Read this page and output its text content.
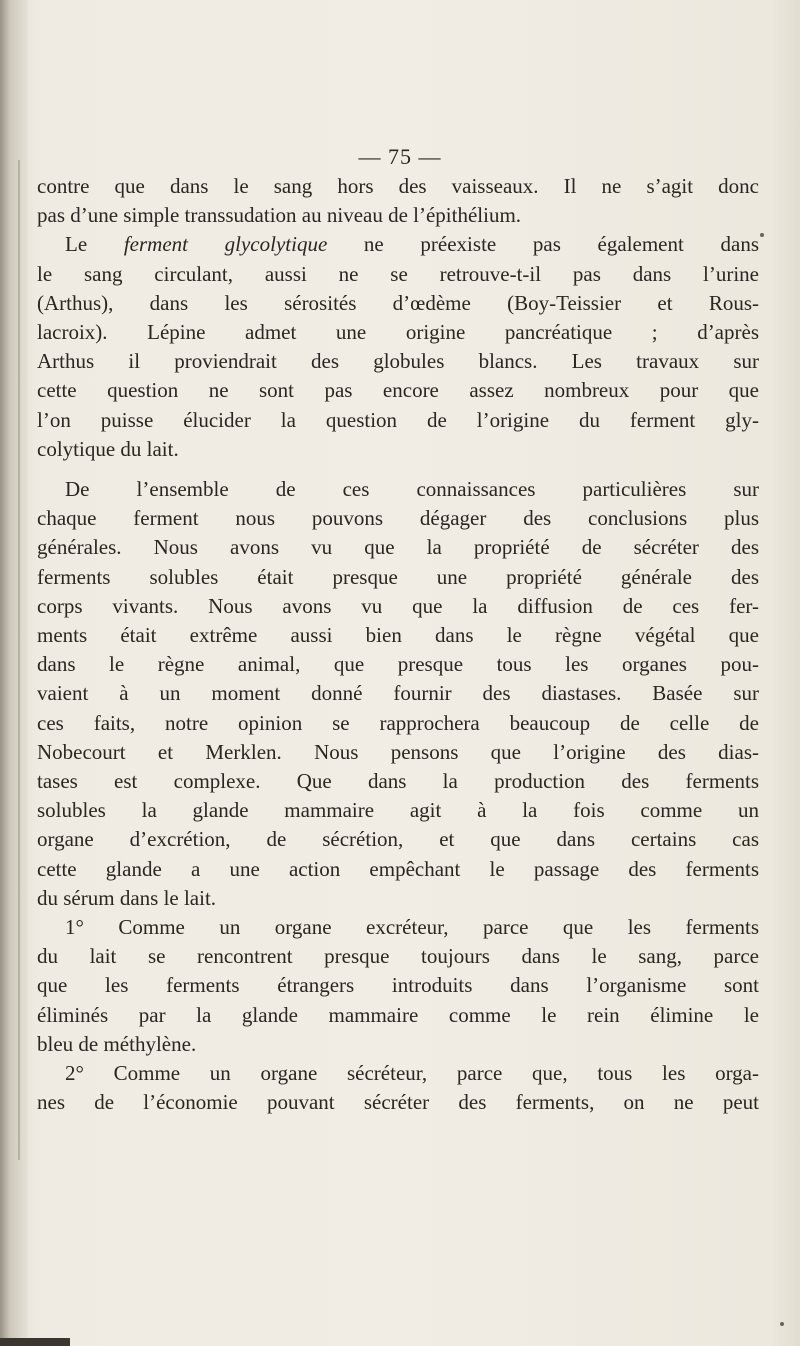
— 75 —

contre que dans le sang hors des vaisseaux. Il ne s’agit donc
pas d’une simple transsudation au niveau de l’épithélium.

Le ferment glycolytique ne préexiste pas également dans
le sang circulant, aussi ne se retrouve-t-il pas dans l’urine
(Arthus), dans les sérosités d’œdème (Boy-Teissier et Rous-
lacroix). Lépine admet une origine pancréatique ; d’après
Arthus il proviendrait des globules blancs. Les travaux sur
cette question ne sont pas encore assez nombreux pour que
l’on puisse élucider la question de l’origine du ferment gly-
colytique du lait.

De l’ensemble de ces connaissances particulières sur
chaque ferment nous pouvons dégager des conclusions plus
générales. Nous avons vu que la propriété de sécréter des
ferments solubles était presque une propriété générale des
corps vivants. Nous avons vu que la diffusion de ces fer-
ments était extrême aussi bien dans le règne végétal que
dans le règne animal, que presque tous les organes pou-
vaient à un moment donné fournir des diastases. Basée sur
ces faits, notre opinion se rapprochera beaucoup de celle de
Nobecourt et Merklen. Nous pensons que l’origine des dias-
tases est complexe. Que dans la production des ferments
solubles la glande mammaire agit à la fois comme un
organe d’excrétion, de sécrétion, et que dans certains cas
cette glande a une action empêchant le passage des ferments
du sérum dans le lait.

1° Comme un organe excréteur, parce que les ferments
du lait se rencontrent presque toujours dans le sang, parce
que les ferments étrangers introduits dans l’organisme sont
éliminés par la glande mammaire comme le rein élimine le
bleu de méthylène.

2° Comme un organe sécréteur, parce que, tous les orga-
nes de l’économie pouvant sécréter des ferments, on ne peut
